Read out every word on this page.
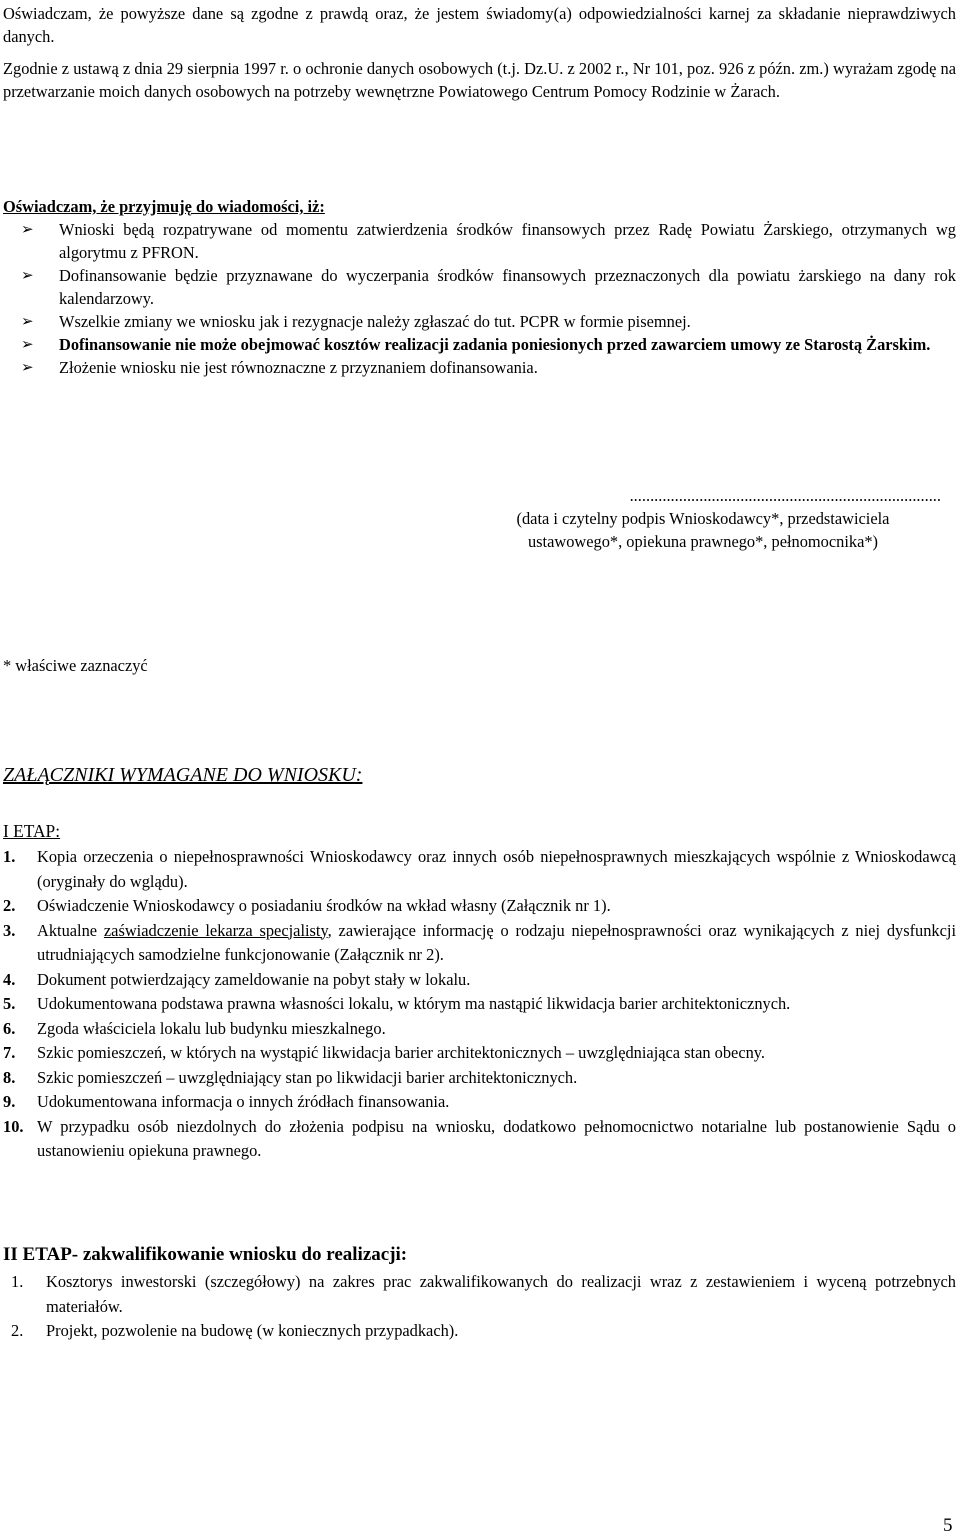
Oświadczam, że powyższe dane są zgodne z prawdą oraz, że jestem świadomy(a) odpowiedzialności karnej za składanie nieprawdziwych danych.

Zgodnie z ustawą z dnia 29 sierpnia 1997 r. o ochronie danych osobowych (t.j. Dz.U. z 2002 r., Nr 101, poz. 926 z późn. zm.) wyrażam zgodę na przetwarzanie moich danych osobowych na potrzeby wewnętrzne Powiatowego Centrum Pomocy Rodzinie w Żarach.

Oświadczam, że przyjmuję do wiadomości, iż:
➢ Wnioski będą rozpatrywane od momentu zatwierdzenia środków finansowych przez Radę Powiatu Żarskiego, otrzymanych wg algorytmu z PFRON.
➢ Dofinansowanie będzie przyznawane do wyczerpania środków finansowych przeznaczonych dla powiatu żarskiego na dany rok kalendarzowy.
➢ Wszelkie zmiany we wniosku jak i rezygnacje należy zgłaszać do tut. PCPR w formie pisemnej.
➢ Dofinansowanie nie może obejmować kosztów realizacji zadania poniesionych przed zawarciem umowy ze Starostą Żarskim.
➢ Złożenie wniosku nie jest równoznaczne z przyznaniem dofinansowania.
............................................................................
(data i czytelny podpis Wnioskodawcy*, przedstawiciela
ustawowego*, opiekuna prawnego*, pełnomocnika*)
* właściwe zaznaczyć
ZAŁĄCZNIKI WYMAGANE DO WNIOSKU:
I ETAP:
1. Kopia orzeczenia o niepełnosprawności Wnioskodawcy oraz innych osób niepełnosprawnych mieszkających wspólnie z Wnioskodawcą (oryginały do wglądu).
2. Oświadczenie Wnioskodawcy o posiadaniu środków na wkład własny (Załącznik nr 1).
3. Aktualne zaświadczenie lekarza specjalisty, zawierające informację o rodzaju niepełnosprawności oraz wynikających z niej dysfunkcji utrudniających samodzielne funkcjonowanie (Załącznik nr 2).
4. Dokument potwierdzający zameldowanie na pobyt stały w lokalu.
5. Udokumentowana podstawa prawna własności lokalu, w którym ma nastąpić likwidacja barier architektonicznych.
6. Zgoda właściciela lokalu lub budynku mieszkalnego.
7. Szkic pomieszczeń, w których na wystąpić likwidacja barier architektonicznych – uwzględniająca stan obecny.
8. Szkic pomieszczeń – uwzględniający stan po likwidacji barier architektonicznych.
9. Udokumentowana informacja o innych źródłach finansowania.
10. W przypadku osób niezdolnych do złożenia podpisu na wniosku, dodatkowo pełnomocnictwo notarialne lub postanowienie Sądu o ustanowieniu opiekuna prawnego.
II ETAP- zakwalifikowanie wniosku do realizacji:
1. Kosztorys inwestorski (szczegółowy) na zakres prac zakwalifikowanych do realizacji wraz z zestawieniem i wyceną potrzebnych materiałów.
2. Projekt, pozwolenie na budowę (w koniecznych przypadkach).
5
